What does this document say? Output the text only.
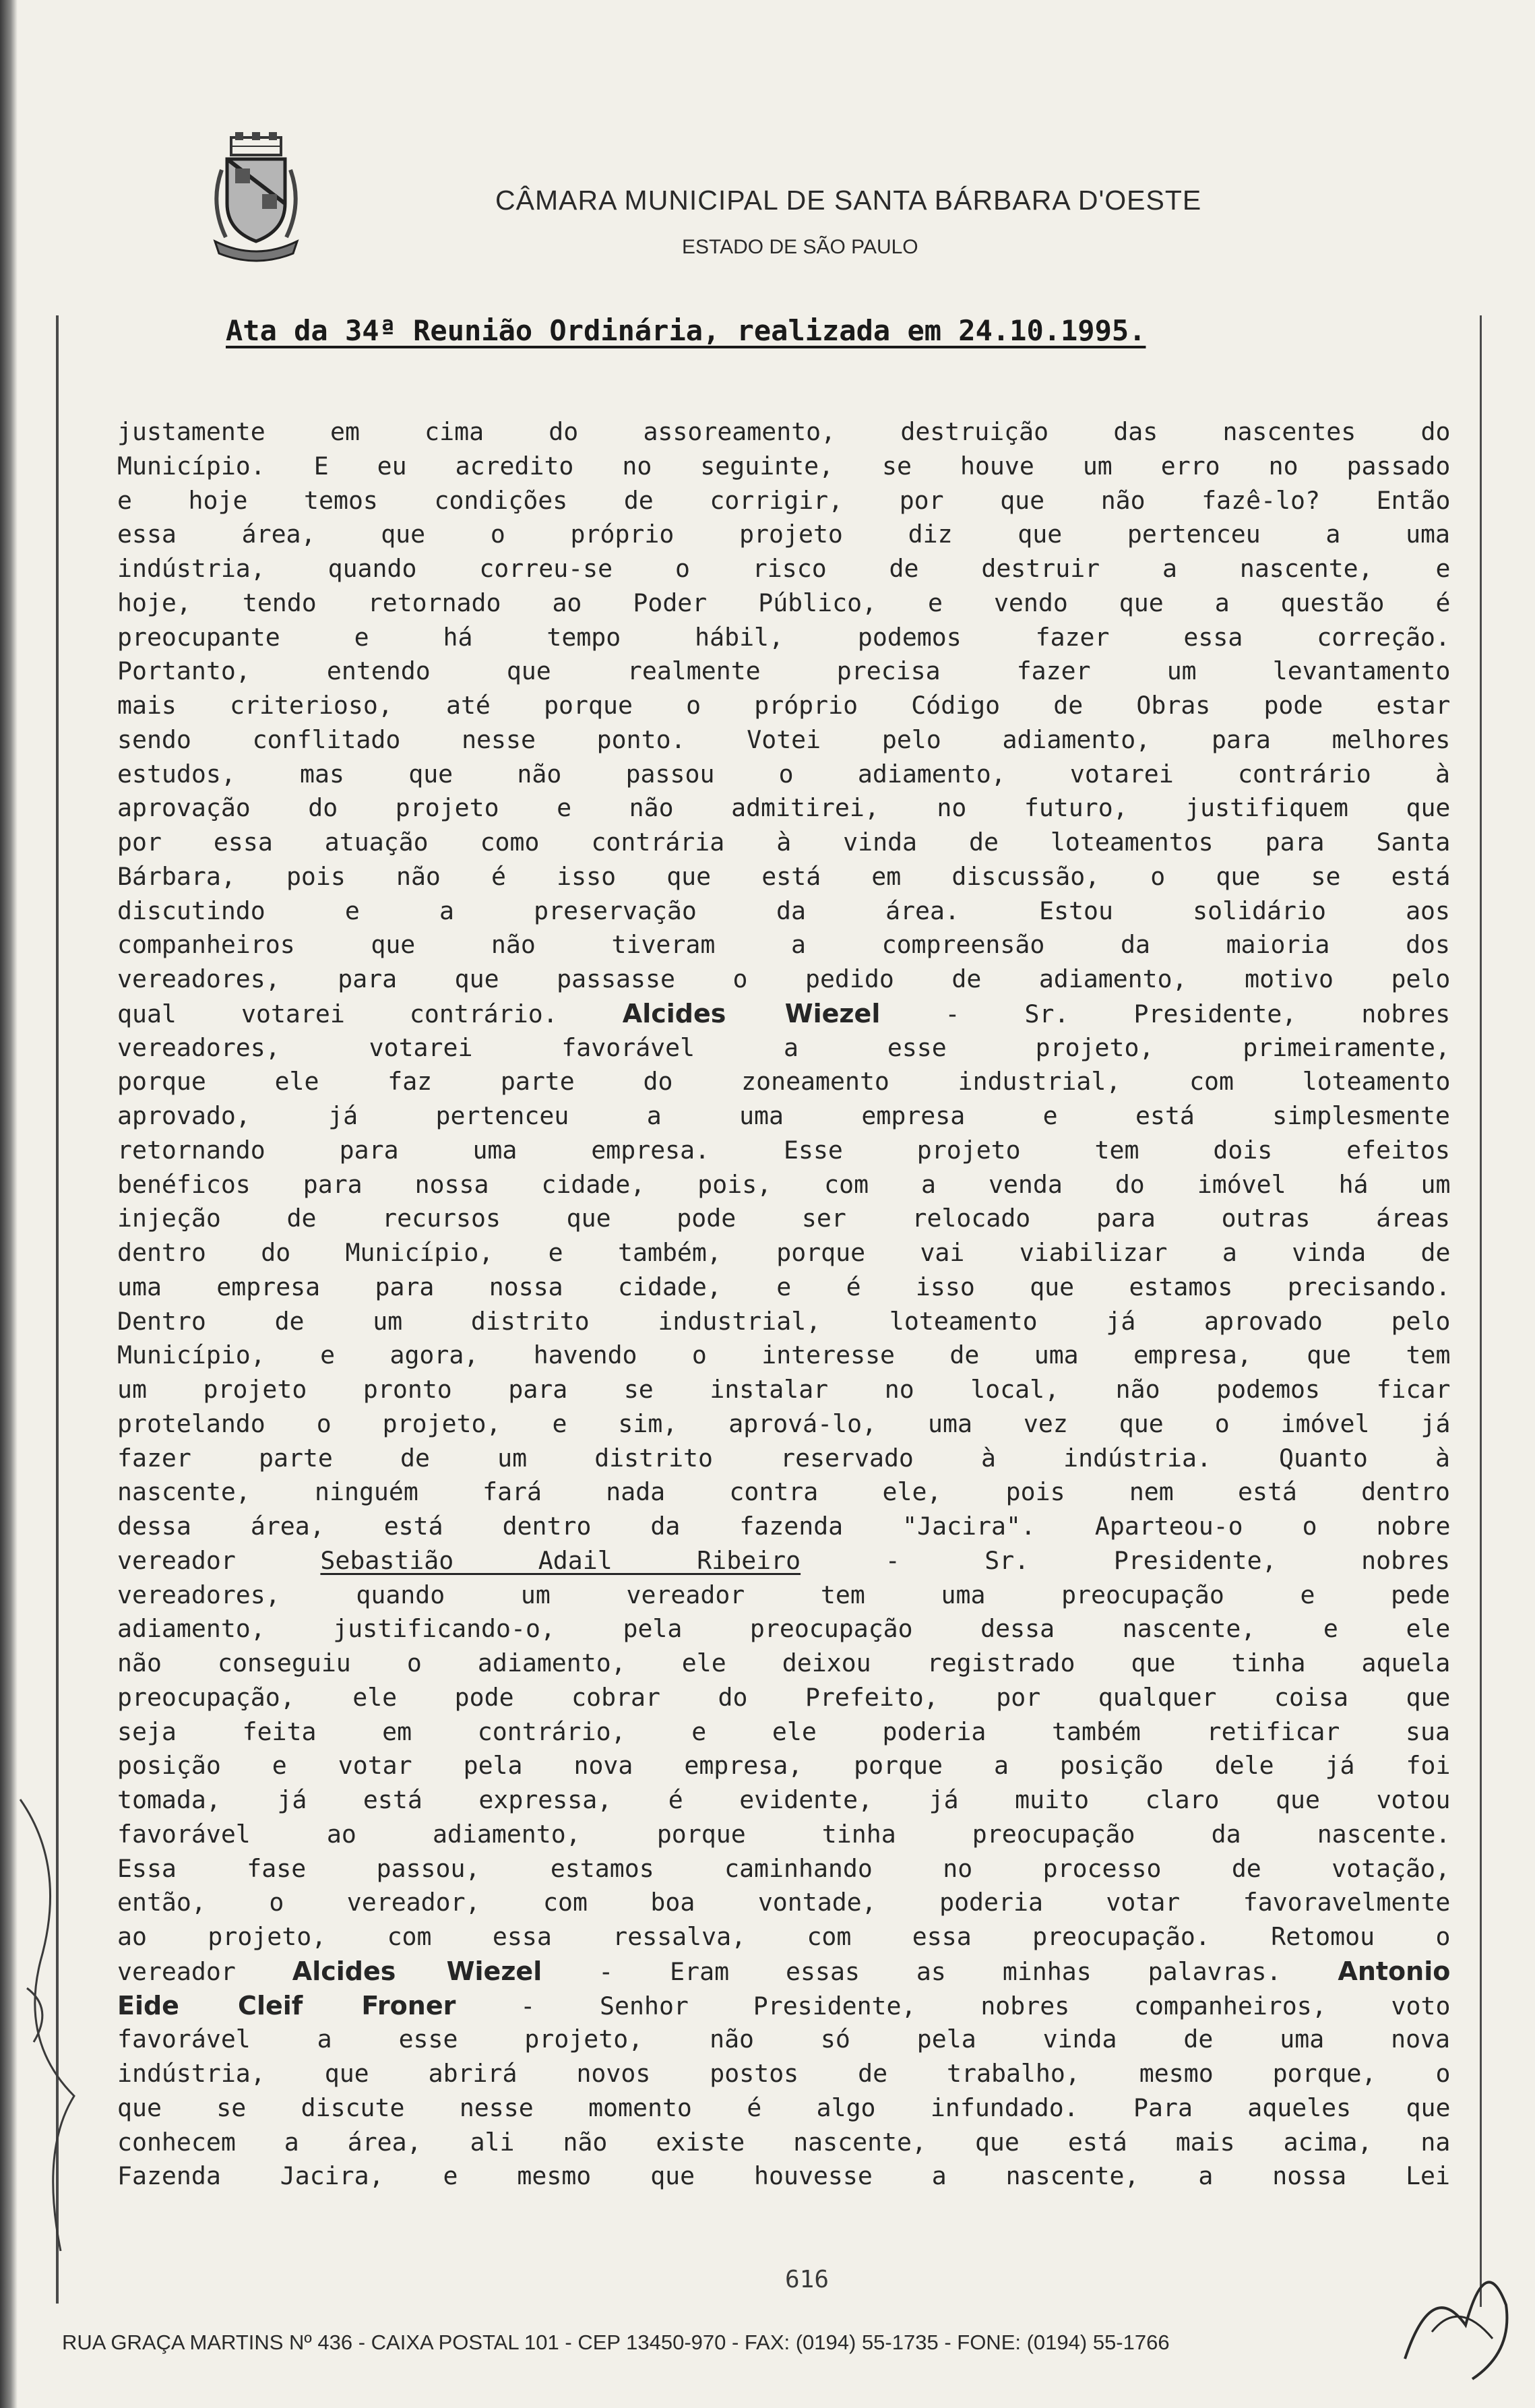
CÂMARA MUNICIPAL DE SANTA BÁRBARA D'OESTE
ESTADO DE SÃO PAULO
Ata da 34ª Reunião Ordinária, realizada em 24.10.1995.
justamente em cima do assoreamento, destruição das nascentes do
Município. E eu acredito no seguinte, se houve um erro no passado
e hoje temos condições de corrigir, por que não fazê-lo? Então
essa área, que o próprio projeto diz que pertenceu a uma
indústria, quando correu-se o risco de destruir a nascente, e
hoje, tendo retornado ao Poder Público, e vendo que a questão é
preocupante e há tempo hábil, podemos fazer essa correção.
Portanto, entendo que realmente precisa fazer um levantamento
mais criterioso, até porque o próprio Código de Obras pode estar
sendo conflitado nesse ponto. Votei pelo adiamento, para melhores
estudos, mas que não passou o adiamento, votarei contrário à
aprovação do projeto e não admitirei, no futuro, justifiquem que
por essa atuação como contrária à vinda de loteamentos para Santa
Bárbara, pois não é isso que está em discussão, o que se está
discutindo e a preservação da área. Estou solidário aos
companheiros que não tiveram a compreensão da maioria dos
vereadores, para que passasse o pedido de adiamento, motivo pelo
qual votarei contrário.	Alcides Wiezel	- Sr. Presidente, nobres
vereadores, votarei favorável a esse projeto, primeiramente,
porque ele faz parte do zoneamento industrial, com loteamento
aprovado, já pertenceu a uma empresa e está simplesmente
retornando para uma empresa. Esse projeto tem dois efeitos
benéficos para nossa cidade, pois, com a venda do imóvel há um
injeção de recursos que pode ser relocado para outras áreas
dentro do Município, e também, porque vai viabilizar a vinda de
uma empresa para nossa cidade, e é isso que estamos precisando.
Dentro de um distrito industrial, loteamento já aprovado pelo
Município, e agora, havendo o interesse de uma empresa, que tem
um projeto pronto para se instalar no local, não podemos ficar
protelando o projeto, e sim, aprová-lo, uma vez que o imóvel já
fazer parte de um distrito reservado à indústria. Quanto à
nascente, ninguém fará nada contra ele, pois nem está dentro
dessa área, está dentro da fazenda "Jacira". Aparteou-o o nobre
vereador	Sebastião Adail Ribeiro	- Sr. Presidente, nobres
vereadores, quando um vereador tem uma preocupação e pede
adiamento, justificando-o, pela preocupação dessa nascente, e ele
não conseguiu o adiamento, ele deixou registrado que tinha aquela
preocupação, ele pode cobrar do Prefeito, por qualquer coisa que
seja feita em contrário, e ele poderia também retificar sua
posição e votar pela nova empresa, porque a posição dele já foi
tomada, já está expressa, é evidente, já muito claro que votou
favorável ao adiamento, porque tinha preocupação da nascente.
Essa fase passou, estamos caminhando no processo de votação,
então, o vereador, com boa vontade, poderia votar favoravelmente
ao projeto, com essa ressalva, com essa preocupação. Retomou o
vereador Alcides Wiezel - Eram essas as minhas palavras. Antonio
Eide Cleif Froner	- Senhor Presidente, nobres companheiros, voto
favorável a esse projeto, não só pela vinda de uma nova
indústria, que abrirá novos postos de trabalho, mesmo porque, o
que se discute nesse momento é algo infundado. Para aqueles que
conhecem a área, ali não existe nascente, que está mais acima, na
Fazenda Jacira, e mesmo que houvesse a nascente, a nossa Lei
616
RUA GRAÇA MARTINS Nº 436 - CAIXA POSTAL 101 - CEP 13450-970 - FAX: (0194) 55-1735 - FONE: (0194) 55-1766
